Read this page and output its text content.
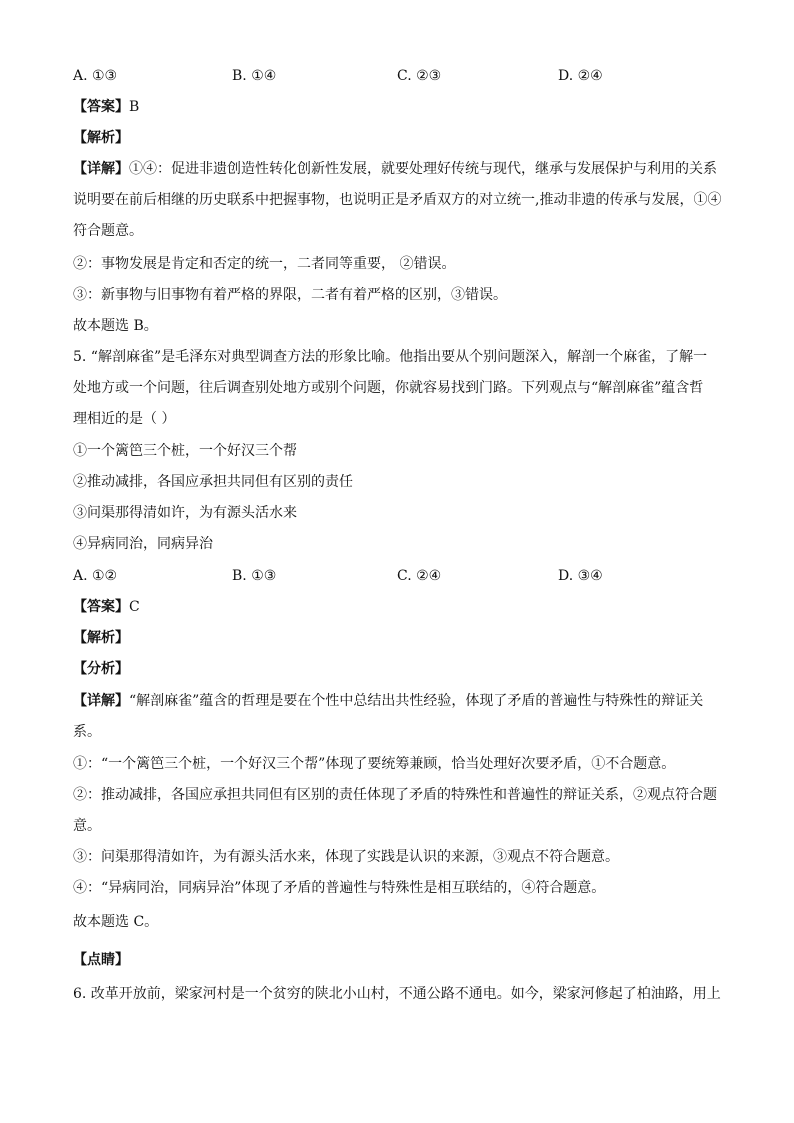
A. ①③	B. ①④	C. ②③	D. ②④
【答案】B
【解析】
【详解】①④：促进非遗创造性转化创新性发展，就要处理好传统与现代，继承与发展保护与利用的关系
说明要在前后相继的历史联系中把握事物，也说明正是矛盾双方的对立统一,推动非遗的传承与发展，①④
符合题意。
②：事物发展是肯定和否定的统一，二者同等重要， ②错误。
③：新事物与旧事物有着严格的界限，二者有着严格的区别，③错误。
故本题选 B。
5. “解剖麻雀”是毛泽东对典型调查方法的形象比喻。他指出要从个别问题深入，解剖一个麻雀，了解一
处地方或一个问题，往后调查别处地方或别个问题，你就容易找到门路。下列观点与“解剖麻雀”蕴含哲
理相近的是（ ）
①一个篱笆三个桩，一个好汉三个帮
②推动减排，各国应承担共同但有区别的责任
③问渠那得清如许，为有源头活水来
④异病同治，同病异治
A. ①②	B. ①③	C. ②④	D. ③④
【答案】C
【解析】
【分析】
【详解】“解剖麻雀”蕴含的哲理是要在个性中总结出共性经验，体现了矛盾的普遍性与特殊性的辩证关
系。
①：“一个篱笆三个桩，一个好汉三个帮”体现了要统筹兼顾，恰当处理好次要矛盾，①不合题意。
②：推动减排，各国应承担共同但有区别的责任体现了矛盾的特殊性和普遍性的辩证关系，②观点符合题
意。
③：问渠那得清如许，为有源头活水来，体现了实践是认识的来源，③观点不符合题意。
④：“异病同治，同病异治”体现了矛盾的普遍性与特殊性是相互联结的，④符合题意。
故本题选 C。
【点睛】
6. 改革开放前，梁家河村是一个贫穷的陕北小山村，不通公路不通电。如今，梁家河修起了柏油路，用上
